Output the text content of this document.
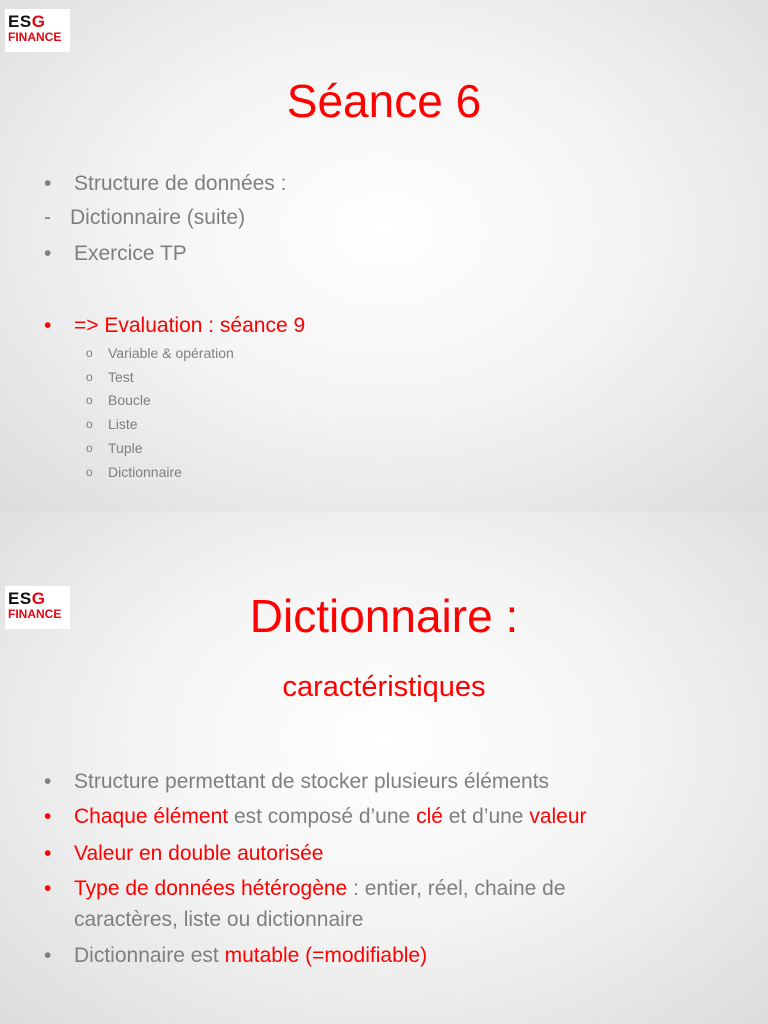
ESG
FINANCE
Séance 6
• Structure de données :
- Dictionnaire (suite)
• Exercice TP
• => Evaluation : séance 9
o Variable & opération
o Test
o Boucle
o Liste
o Tuple
o Dictionnaire
ESG
FINANCE	Dictionnaire :
caractéristiques
• Structure permettant de stocker plusieurs éléments
• Chaque élément est composé d’une clé et d’une valeur
• Valeur en double autorisée
• Type de données hétérogène : entier, réel, chaine de
caractères, liste ou dictionnaire
• Dictionnaire est mutable (=modifiable)
